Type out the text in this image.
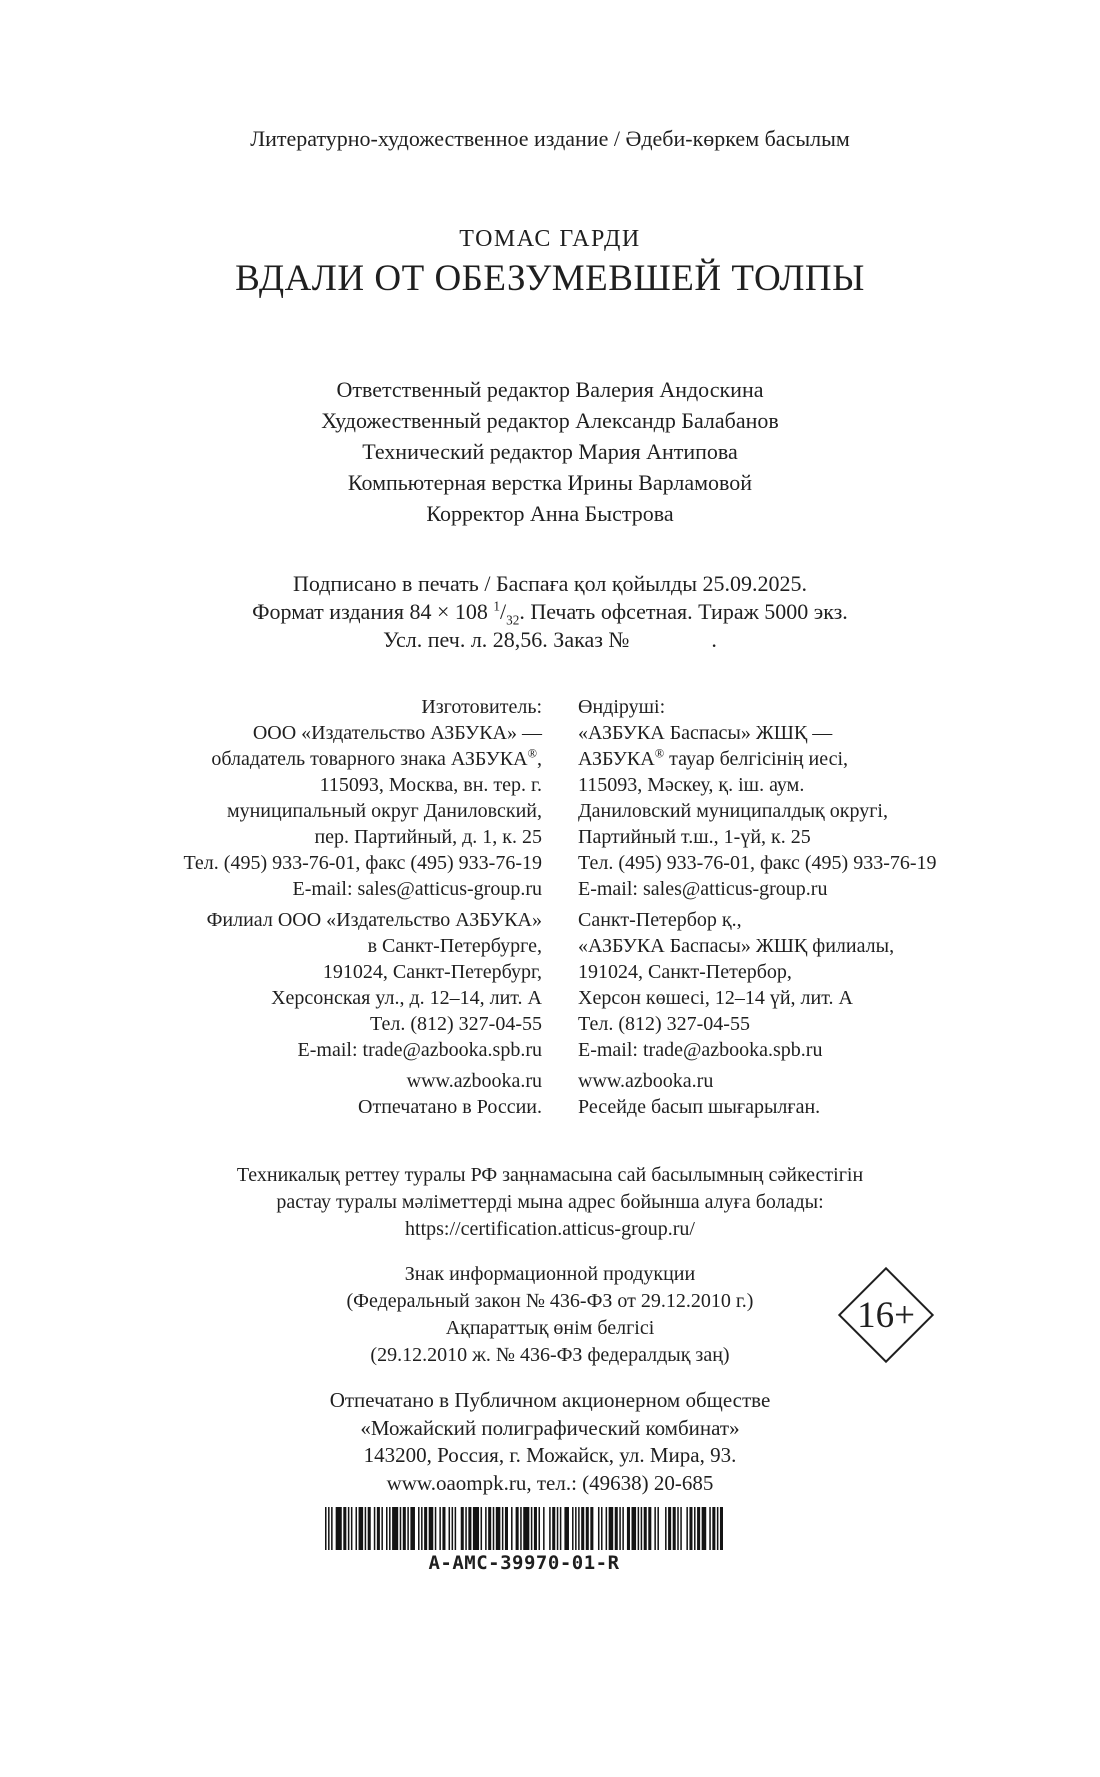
Литературно-художественное издание / Әдеби-көркем басылым
ТОМАС ГАРДИ
ВДАЛИ ОТ ОБЕЗУМЕВШЕЙ ТОЛПЫ
Ответственный редактор Валерия Андоскина
Художественный редактор Александр Балабанов
Технический редактор Мария Антипова
Компьютерная верстка Ирины Варламовой
Корректор Анна Быстрова
Подписано в печать / Баспаға қол қойылды 25.09.2025.
Формат издания 84 × 108 $^1/_{32}$. Печать офсетная. Тираж 5000 экз.
Усл. печ. л. 28,56. Заказ №	.
Изготовитель:
ООО «Издательство АЗБУКА» —
обладатель товарного знака АЗБУКА®,
115093, Москва, вн. тер. г.
муниципальный округ Даниловский,
пер. Партийный, д. 1, к. 25
Тел. (495) 933-76-01, факс (495) 933-76-19
E-mail: sales@atticus-group.ru
Филиал ООО «Издательство АЗБУКА»
в Санкт-Петербурге,
191024, Санкт-Петербург,
Херсонская ул., д. 12–14, лит. А
Тел. (812) 327-04-55
E-mail: trade@azbooka.spb.ru
www.azbooka.ru
Отпечатано в России.
Өндіруші:
«АЗБУКА Баспасы» ЖШҚ —
АЗБУКА® тауар белгісінің иесі,
115093, Мәскеу, қ. іш. аум.
Даниловский муниципалдық округі,
Партийный т.ш., 1-үй, к. 25
Тел. (495) 933-76-01, факс (495) 933-76-19
E-mail: sales@atticus-group.ru
Санкт-Петербор қ.,
«АЗБУКА Баспасы» ЖШҚ филиалы,
191024, Санкт-Петербор,
Херсон көшесі, 12–14 үй, лит. А
Тел. (812) 327-04-55
E-mail: trade@azbooka.spb.ru
www.azbooka.ru
Ресейде басып шығарылған.
Техникалық реттеу туралы РФ заңнамасына сай басылымның сәйкестігін
растау туралы мәліметтерді мына адрес бойынша алуға болады:
https://certification.atticus-group.ru/
Знак информационной продукции
(Федеральный закон № 436-ФЗ от 29.12.2010 г.)
Ақпараттық өнім белгісі
(29.12.2010 ж. № 436-ФЗ федералдық заң)
16+
Отпечатано в Публичном акционерном обществе
«Можайский полиграфический комбинат»
143200, Россия, г. Можайск, ул. Мира, 93.
www.oaompk.ru, тел.: (49638) 20-685
A-AMC-39970-01-R
